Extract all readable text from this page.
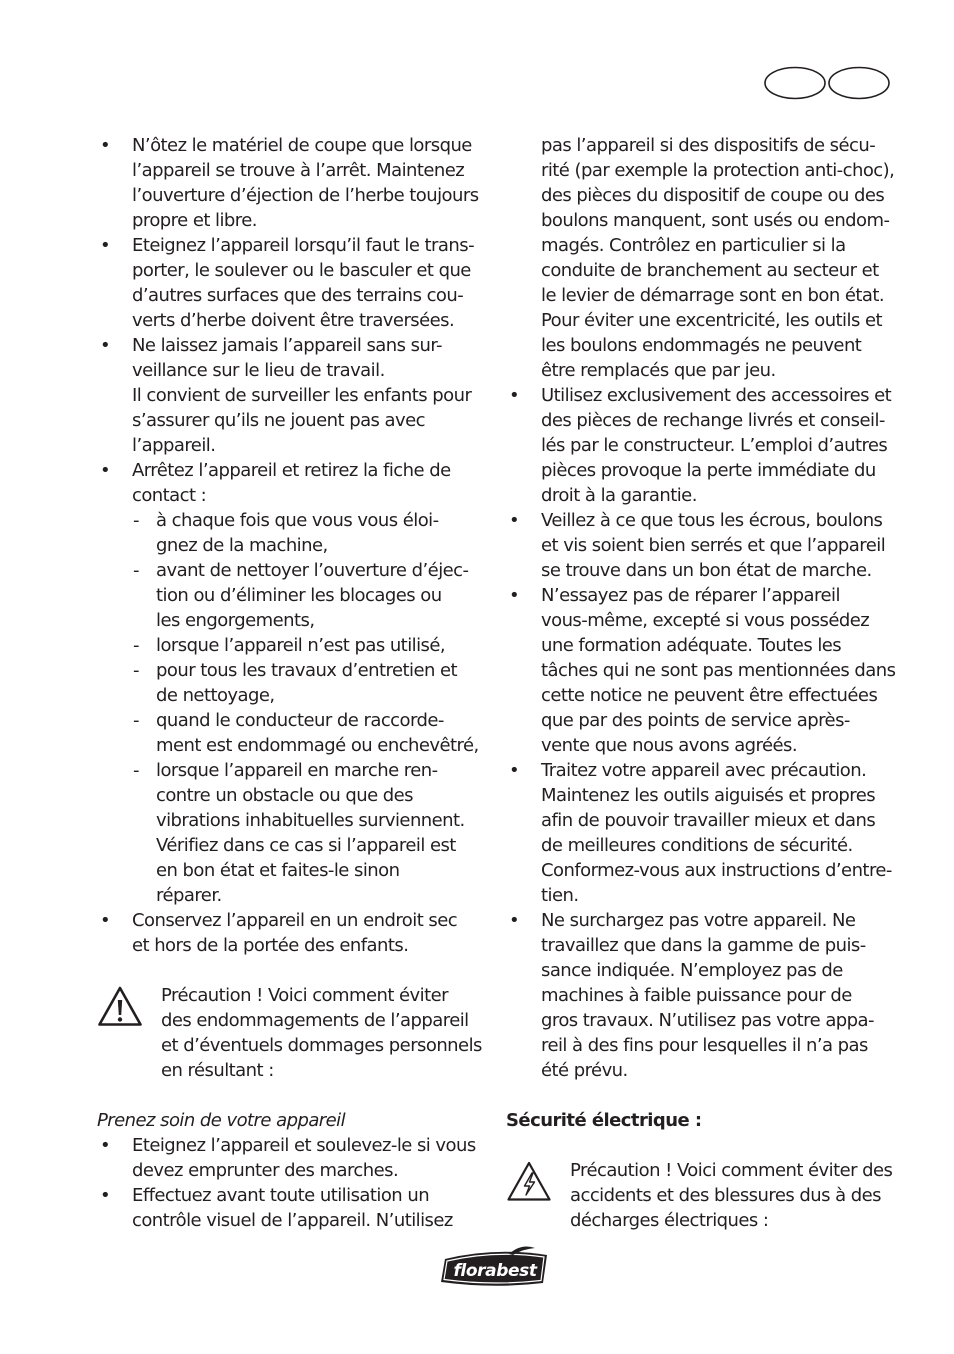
• N’ôtez le matériel de coupe que lorsque
l’appareil se trouve à l’arrêt. Maintenez
l’ouverture d’éjection de l’herbe toujours
propre et libre.
• Eteignez l’appareil lorsqu’il faut le trans-
porter, le soulever ou le basculer et que
d’autres surfaces que des terrains cou-
verts d’herbe doivent être traversées.
• Ne laissez jamais l’appareil sans sur-
veillance sur le lieu de travail.
Il convient de surveiller les enfants pour
s’assurer qu’ils ne jouent pas avec
l’appareil.
• Arrêtez l’appareil et retirez la fiche de
contact :
- à chaque fois que vous vous éloi-
gnez de la machine,
- avant de nettoyer l’ouverture d’éjec-
tion ou d’éliminer les blocages ou
les engorgements,
- lorsque l’appareil n’est pas utilisé,
- pour tous les travaux d’entretien et
de nettoyage,
- quand le conducteur de raccorde-
ment est endommagé ou enchevêtré,
- lorsque l’appareil en marche ren-
contre un obstacle ou que des
vibrations inhabituelles surviennent.
Vérifiez dans ce cas si l’appareil est
en bon état et faites-le sinon
réparer.
• Conservez l’appareil en un endroit sec
et hors de la portée des enfants.
Précaution ! Voici comment éviter
des endommagements de l’appareil
et d’éventuels dommages personnels
en résultant :
Prenez soin de votre appareil
• Eteignez l’appareil et soulevez-le si vous
devez emprunter des marches.
• Effectuez avant toute utilisation un
contrôle visuel de l’appareil. N’utilisez
pas l’appareil si des dispositifs de sécu-
rité (par exemple la protection anti-choc),
des pièces du dispositif de coupe ou des
boulons manquent, sont usés ou endom-
magés. Contrôlez en particulier si la
conduite de branchement au secteur et
le levier de démarrage sont en bon état.
Pour éviter une excentricité, les outils et
les boulons endommagés ne peuvent
être remplacés que par jeu.
• Utilisez exclusivement des accessoires et
des pièces de rechange livrés et conseil-
lés par le constructeur. L’emploi d’autres
pièces provoque la perte immédiate du
droit à la garantie.
• Veillez à ce que tous les écrous, boulons
et vis soient bien serrés et que l’appareil
se trouve dans un bon état de marche.
• N’essayez pas de réparer l’appareil
vous-même, excepté si vous possédez
une formation adéquate. Toutes les
tâches qui ne sont pas mentionnées dans
cette notice ne peuvent être effectuées
que par des points de service après-
vente que nous avons agréés.
• Traitez votre appareil avec précaution.
Maintenez les outils aiguisés et propres
afin de pouvoir travailler mieux et dans
de meilleures conditions de sécurité.
Conformez-vous aux instructions d’entre-
tien.
• Ne surchargez pas votre appareil. Ne
travaillez que dans la gamme de puis-
sance indiquée. N’employez pas de
machines à faible puissance pour de
gros travaux. N’utilisez pas votre appa-
reil à des fins pour lesquelles il n’a pas
été prévu.
Sécurité électrique :
Précaution ! Voici comment éviter des
accidents et des blessures dus à des
décharges électriques :
florabest
